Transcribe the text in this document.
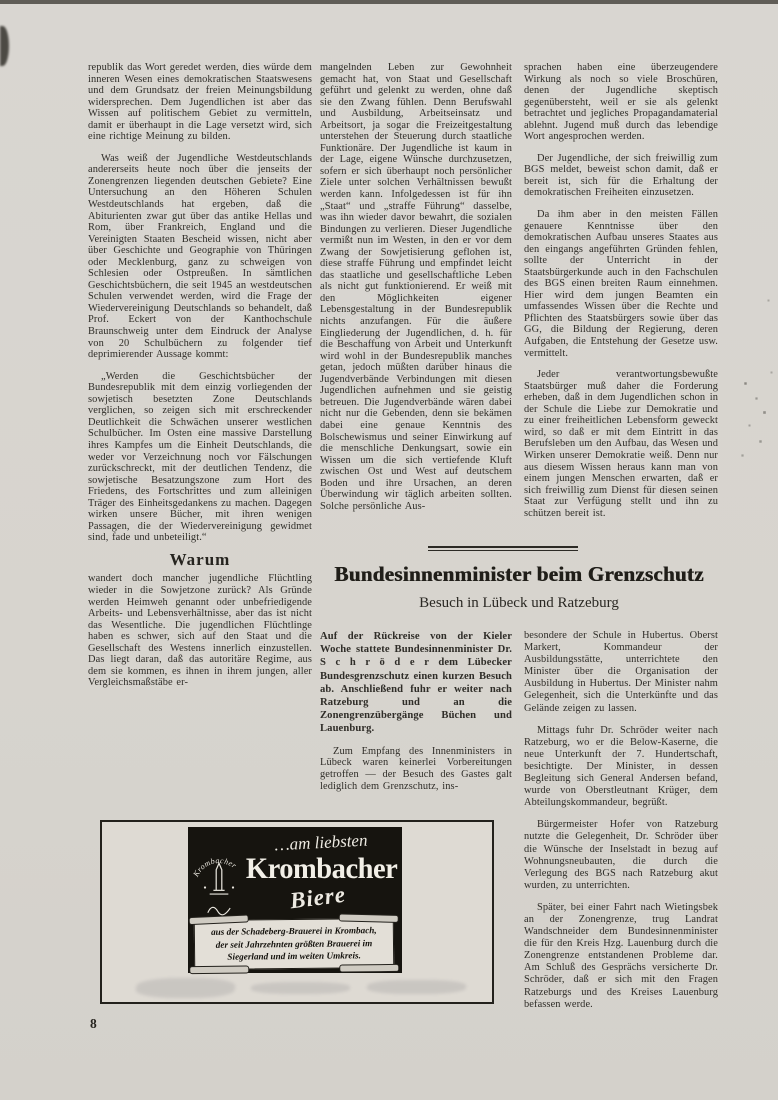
republik das Wort geredet werden, dies würde dem inneren Wesen eines demokratischen Staatswesens und dem Grundsatz der freien Meinungsbildung widersprechen. Dem Jugendlichen ist aber das Wissen auf politischem Gebiet zu vermitteln, damit er überhaupt in die Lage versetzt wird, sich eine richtige Meinung zu bilden.

Was weiß der Jugendliche Westdeutschlands andererseits heute noch über die jenseits der Zonengrenzen liegenden deutschen Gebiete? Eine Untersuchung an den Höheren Schulen Westdeutschlands hat ergeben, daß die Abiturienten zwar gut über das antike Hellas und Rom, über Frankreich, England und die Vereinigten Staaten Bescheid wissen, nicht aber über Geschichte und Geographie von Thüringen oder Mecklenburg, ganz zu schweigen von Schlesien oder Ostpreußen. In sämtlichen Geschichtsbüchern, die seit 1945 an westdeutschen Schulen verwendet werden, wird die Frage der Wiedervereinigung Deutschlands so behandelt, daß Prof. Eckert von der Kanthochschule Braunschweig unter dem Eindruck der Analyse von 20 Schulbüchern zu folgender tief deprimierender Aussage kommt:

„Werden die Geschichtsbücher der Bundesrepublik mit dem einzig vorliegenden der sowjetisch besetzten Zone Deutschlands verglichen, so zeigen sich mit erschreckender Deutlichkeit die Schwächen unserer westlichen Schulbücher. Im Osten eine massive Darstellung ihres Kampfes um die Einheit Deutschlands, die weder vor Verzeichnung noch vor Fälschungen zurückschreckt, mit der deutlichen Tendenz, die sowjetische Besatzungszone zum Hort des Friedens, des Fortschrittes und zum alleinigen Träger des Einheitsgedankens zu machen. Dagegen wirken unsere Bücher, mit ihren wenigen Passagen, die der Wiedervereinigung gewidmet sind, fade und unbeteiligt.“

Warum

wandert doch mancher jugendliche Flüchtling wieder in die Sowjetzone zurück? Als Gründe werden Heimweh genannt oder unbefriedigende Arbeits- und Lebensverhältnisse, aber das ist nicht das Wesentliche. Die jugendlichen Flüchtlinge haben es schwer, sich auf den Staat und die Gesellschaft des Westens innerlich einzustellen. Das liegt daran, daß das autoritäre Regime, aus dem sie kommen, es ihnen in ihrem jungen, aller Vergleichsmaßstäbe er-

mangelnden Leben zur Gewohnheit gemacht hat, von Staat und Gesellschaft geführt und gelenkt zu werden, ohne daß sie den Zwang fühlen. Denn Berufswahl und Ausbildung, Arbeitseinsatz und Arbeitsort, ja sogar die Freizeitgestaltung unterstehen der Steuerung durch staatliche Funktionäre. Der Jugendliche ist kaum in der Lage, eigene Wünsche durchzusetzen, sofern er sich überhaupt noch persönlicher Ziele unter solchen Verhältnissen bewußt werden kann. Infolgedessen ist für ihn „Staat“ und „straffe Führung“ dasselbe, was ihn wieder davor bewahrt, die sozialen Bindungen zu verlieren. Dieser Jugendliche vermißt nun im Westen, in den er vor dem Zwang der Sowjetisierung geflohen ist, diese straffe Führung und empfindet leicht das staatliche und gesellschaftliche Leben als nicht gut funktionierend. Er weiß mit den Möglichkeiten eigener Lebensgestaltung in der Bundesrepublik nichts anzufangen. Für die äußere Eingliederung der Jugendlichen, d. h. für die Beschaffung von Arbeit und Unterkunft wird wohl in der Bundesrepublik manches getan, jedoch müßten darüber hinaus die Jugendverbände Verbindungen mit diesen Jugendlichen aufnehmen und sie geistig betreuen. Die Jugendverbände wären dabei nicht nur die Gebenden, denn sie bekämen dabei eine genaue Kenntnis des Bolschewismus und seiner Einwirkung auf die menschliche Denkungsart, sowie ein Wissen um die sich vertiefende Kluft zwischen Ost und West auf deutschem Boden und ihre Ursachen, an deren Überwindung wir täglich arbeiten sollten. Solche persönliche Aus-

sprachen haben eine überzeugendere Wirkung als noch so viele Broschüren, denen der Jugendliche skeptisch gegenübersteht, weil er sie als gelenkt betrachtet und jegliches Propagandamaterial ablehnt. Jugend muß durch das lebendige Wort angesprochen werden.

Der Jugendliche, der sich freiwillig zum BGS meldet, beweist schon damit, daß er bereit ist, sich für die Erhaltung der demokratischen Freiheiten einzusetzen.

Da ihm aber in den meisten Fällen genauere Kenntnisse über den demokratischen Aufbau unseres Staates aus den eingangs angeführten Gründen fehlen, sollte der Unterricht in der Staatsbürgerkunde auch in den Fachschulen des BGS einen breiten Raum einnehmen. Hier wird dem jungen Beamten ein umfassendes Wissen über die Rechte und Pflichten des Staatsbürgers sowie über das GG, die Bildung der Regierung, deren Aufgaben, die Entstehung der Gesetze usw. vermittelt.

Jeder verantwortungsbewußte Staatsbürger muß daher die Forderung erheben, daß in dem Jugendlichen schon in der Schule die Liebe zur Demokratie und zu einer freiheitlichen Lebensform geweckt wird, so daß er mit dem Eintritt in das Berufsleben um den Aufbau, das Wesen und Wirken unserer Demokratie weiß. Denn nur aus diesem Wissen heraus kann man von einem jungen Menschen erwarten, daß er sich freiwillig zum Dienst für diesen seinen Staat zur Verfügung stellt und ihn zu schützen bereit ist.

Bundesinnenminister beim Grenzschutz
Besuch in Lübeck und Ratzeburg

Auf der Rückreise von der Kieler Woche stattete Bundesinnenminister Dr. S c h r ö d e r dem Lübecker Bundesgrenzschutz einen kurzen Besuch ab. Anschließend fuhr er weiter nach Ratzeburg und an die Zonengrenzübergänge Büchen und Lauenburg.

Zum Empfang des Innenministers in Lübeck waren keinerlei Vorbereitungen getroffen — der Besuch des Gastes galt lediglich dem Grenzschutz, ins-

besondere der Schule in Hubertus. Oberst Markert, Kommandeur der Ausbildungsstätte, unterrichtete den Minister über die Organisation der Ausbildung in Hubertus. Der Minister nahm Gelegenheit, sich die Unterkünfte und das Gelände zeigen zu lassen.

Mittags fuhr Dr. Schröder weiter nach Ratzeburg, wo er die Below-Kaserne, die neue Unterkunft der 7. Hundertschaft, besichtigte. Der Minister, in dessen Begleitung sich General Andersen befand, wurde von Oberstleutnant Krüger, dem Abteilungskommandeur, begrüßt.

Bürgermeister Hofer von Ratzeburg nutzte die Gelegenheit, Dr. Schröder über die Wünsche der Inselstadt in bezug auf Wohnungsneubauten, die durch die Verlegung des BGS nach Ratzeburg akut wurden, zu unterrichten.

Später, bei einer Fahrt nach Wietingsbek an der Zonengrenze, trug Landrat Wandschneider dem Bundesinnenminister die für den Kreis Hzg. Lauenburg durch die Zonengrenze entstandenen Probleme dar. Am Schluß des Gesprächs versicherte Dr. Schröder, daß er sich mit den Fragen Ratzeburgs und des Kreises Lauenburg befassen werde.

Krombacher
…am liebsten
Krombacher
Biere
aus der Schadeberg-Brauerei in Krombach,
der seit Jahrzehnten größten Brauerei im
Siegerland und im weiten Umkreis.
8
